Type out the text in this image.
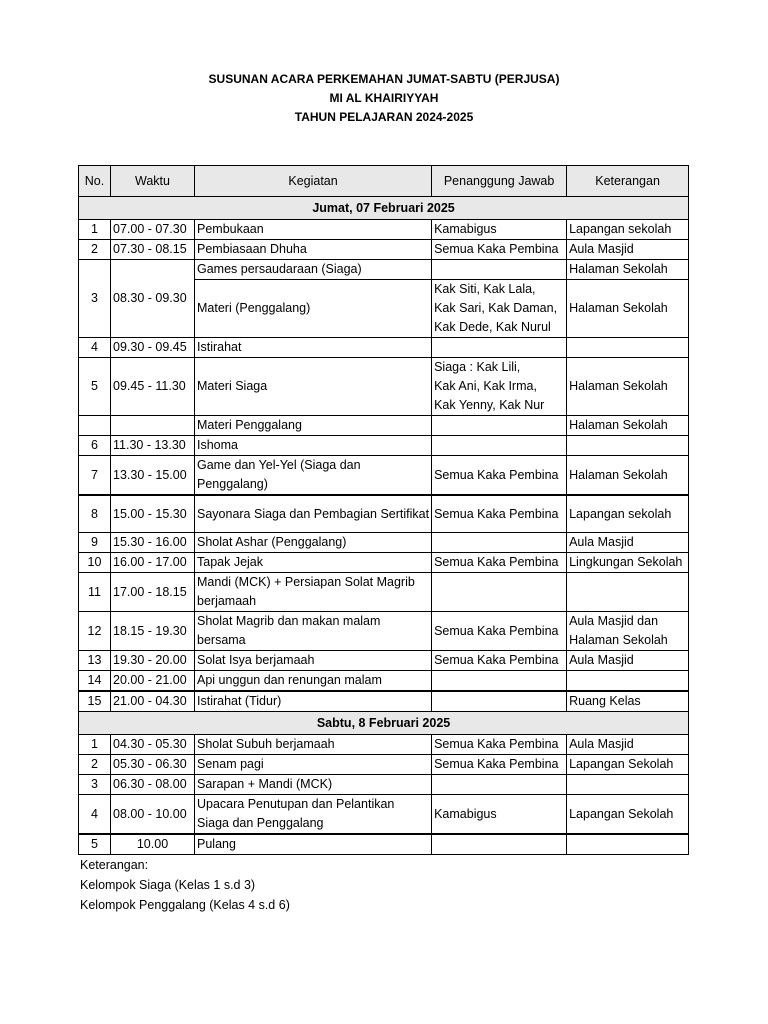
SUSUNAN ACARA PERKEMAHAN JUMAT-SABTU (PERJUSA)
MI AL KHAIRIYYAH
TAHUN PELAJARAN 2024-2025
No.	Waktu	Kegiatan	Penanggung Jawab	Keterangan
Jumat, 07 Februari 2025				
1	07.00 - 07.30	Pembukaan	Kamabigus	Lapangan sekolah
2	07.30 - 08.15	Pembiasaan Dhuha	Semua Kaka Pembina	Aula Masjid
3	08.30 - 09.30	Games persaudaraan (Siaga)		Halaman Sekolah
		Materi (Penggalang)	Kak Siti, Kak Lala,
Kak Sari, Kak Daman,
Kak Dede, Kak Nurul	Halaman Sekolah
4	09.30 - 09.45	Istirahat		
5	09.45 - 11.30	Materi Siaga	Siaga : Kak Lili,
Kak Ani, Kak Irma,
Kak Yenny, Kak Nur	Halaman Sekolah
		Materi Penggalang		Halaman Sekolah
6	11.30 - 13.30	Ishoma		
7	13.30 - 15.00	Game dan Yel-Yel (Siaga dan
Penggalang)	Semua Kaka Pembina	Halaman Sekolah
8	15.00 - 15.30	Sayonara Siaga dan Pembagian Sertifikat	Semua Kaka Pembina	Lapangan sekolah
9	15.30 - 16.00	Sholat Ashar (Penggalang)		Aula Masjid
10	16.00 - 17.00	Tapak Jejak	Semua Kaka Pembina	Lingkungan Sekolah
11	17.00 - 18.15	Mandi (MCK) + Persiapan Solat Magrib
berjamaah		
12	18.15 - 19.30	Sholat Magrib dan makan malam
bersama	Semua Kaka Pembina	Aula Masjid dan
Halaman Sekolah
13	19.30 - 20.00	Solat Isya berjamaah	Semua Kaka Pembina	Aula Masjid
14	20.00 - 21.00	Api unggun dan renungan malam		
15	21.00 - 04.30	Istirahat (Tidur)		Ruang Kelas
Sabtu, 8 Februari 2025				
1	04.30 - 05.30	Sholat Subuh berjamaah	Semua Kaka Pembina	Aula Masjid
2	05.30 - 06.30	Senam pagi	Semua Kaka Pembina	Lapangan Sekolah
3	06.30 - 08.00	Sarapan + Mandi (MCK)		
4	08.00 - 10.00	Upacara Penutupan dan Pelantikan
Siaga dan Penggalang	Kamabigus	Lapangan Sekolah
5	10.00	Pulang		
Keterangan:
Kelompok Siaga (Kelas 1 s.d 3)
Kelompok Penggalang (Kelas 4 s.d 6)
